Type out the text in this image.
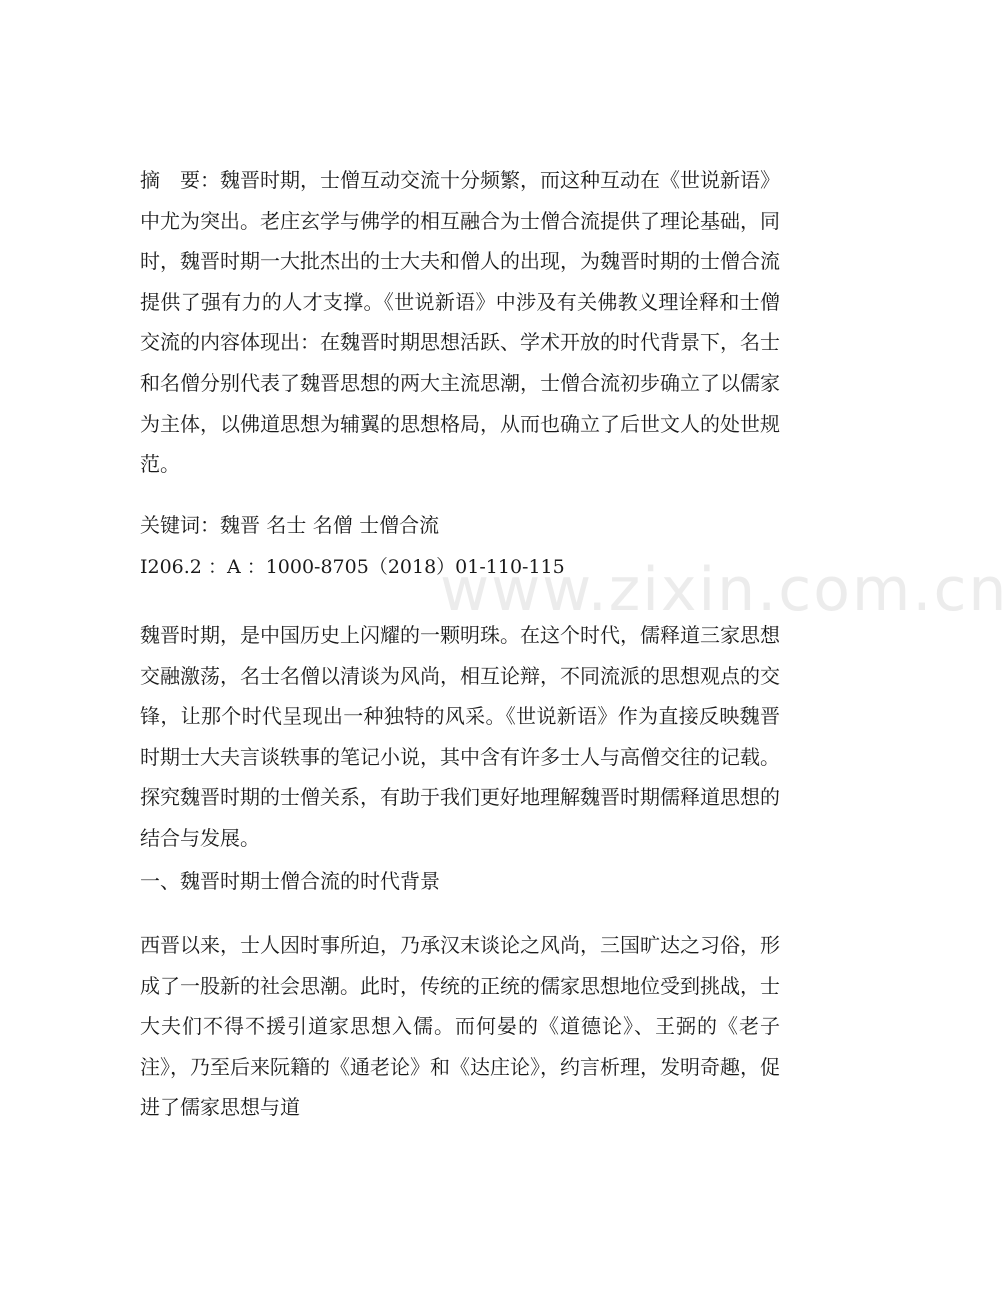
www.zixin.com.cn

摘　要：魏晋时期，士僧互动交流十分频繁，而这种互动在《世说新语》中尤为突出。老庄玄学与佛学的相互融合为士僧合流提供了理论基础，同时，魏晋时期一大批杰出的士大夫和僧人的出现，为魏晋时期的士僧合流提供了强有力的人才支撑。《世说新语》中涉及有关佛教义理诠释和士僧交流的内容体现出：在魏晋时期思想活跃、学术开放的时代背景下，名士和名僧分别代表了魏晋思想的两大主流思潮，士僧合流初步确立了以儒家为主体，以佛道思想为辅翼的思想格局，从而也确立了后世文人的处世规范。

关键词：魏晋 名士 名僧 士僧合流

I206.2 ：A ：1000-8705（2018）01-110-115

魏晋时期，是中国历史上闪耀的一颗明珠。在这个时代，儒释道三家思想交融激荡，名士名僧以清谈为风尚，相互论辩，不同流派的思想观点的交锋，让那个时代呈现出一种独特的风采。《世说新语》作为直接反映魏晋时期士大夫言谈轶事的笔记小说，其中含有许多士人与高僧交往的记载。探究魏晋时期的士僧关系，有助于我们更好地理解魏晋时期儒释道思想的结合与发展。

一、魏晋时期士僧合流的时代背景

西晋以来，士人因时事所迫，乃承汉末谈论之风尚，三国旷达之习俗，形成了一股新的社会思潮。此时，传统的正统的儒家思想地位受到挑战，士大夫们不得不援引道家思想入儒。而何晏的《道德论》、王弼的《老子注》，乃至后来阮籍的《通老论》和《达庄论》，约言析理，发明奇趣，促进了儒家思想与道
